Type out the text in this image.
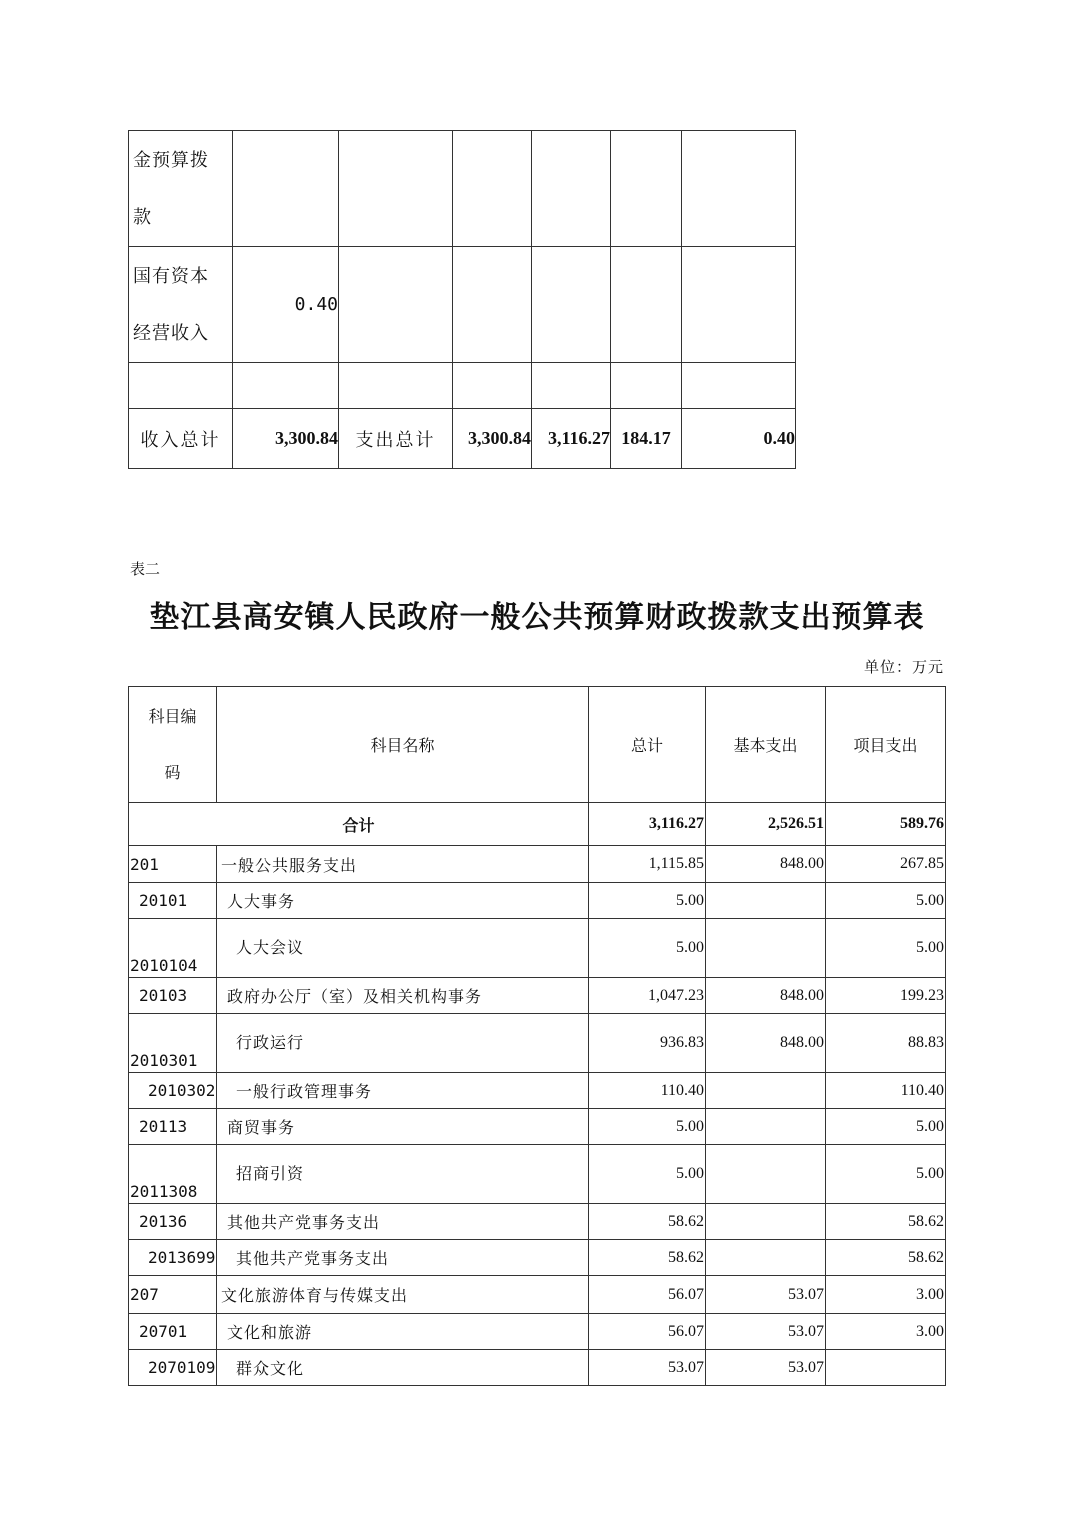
金预算拨
款						
国有资本
经营收入	0.40					

收入总计	3,300.84	支出总计	3,300.84	3,116.27	184.17	0.40
表二
垫江县高安镇人民政府一般公共预算财政拨款支出预算表
单位：万元
科目编
码	科目名称	总计	基本支出	项目支出
合计		3,116.27	2,526.51	589.76
201	一般公共服务支出	1,115.85	848.00	267.85
20101	人大事务	5.00		5.00
2010104	人大会议	5.00		5.00
20103	政府办公厅（室）及相关机构事务	1,047.23	848.00	199.23
2010301	行政运行	936.83	848.00	88.83
2010302	一般行政管理事务	110.40		110.40
20113	商贸事务	5.00		5.00
2011308	招商引资	5.00		5.00
20136	其他共产党事务支出	58.62		58.62
2013699	其他共产党事务支出	58.62		58.62
207	文化旅游体育与传媒支出	56.07	53.07	3.00
20701	文化和旅游	56.07	53.07	3.00
2070109	群众文化	53.07	53.07	
